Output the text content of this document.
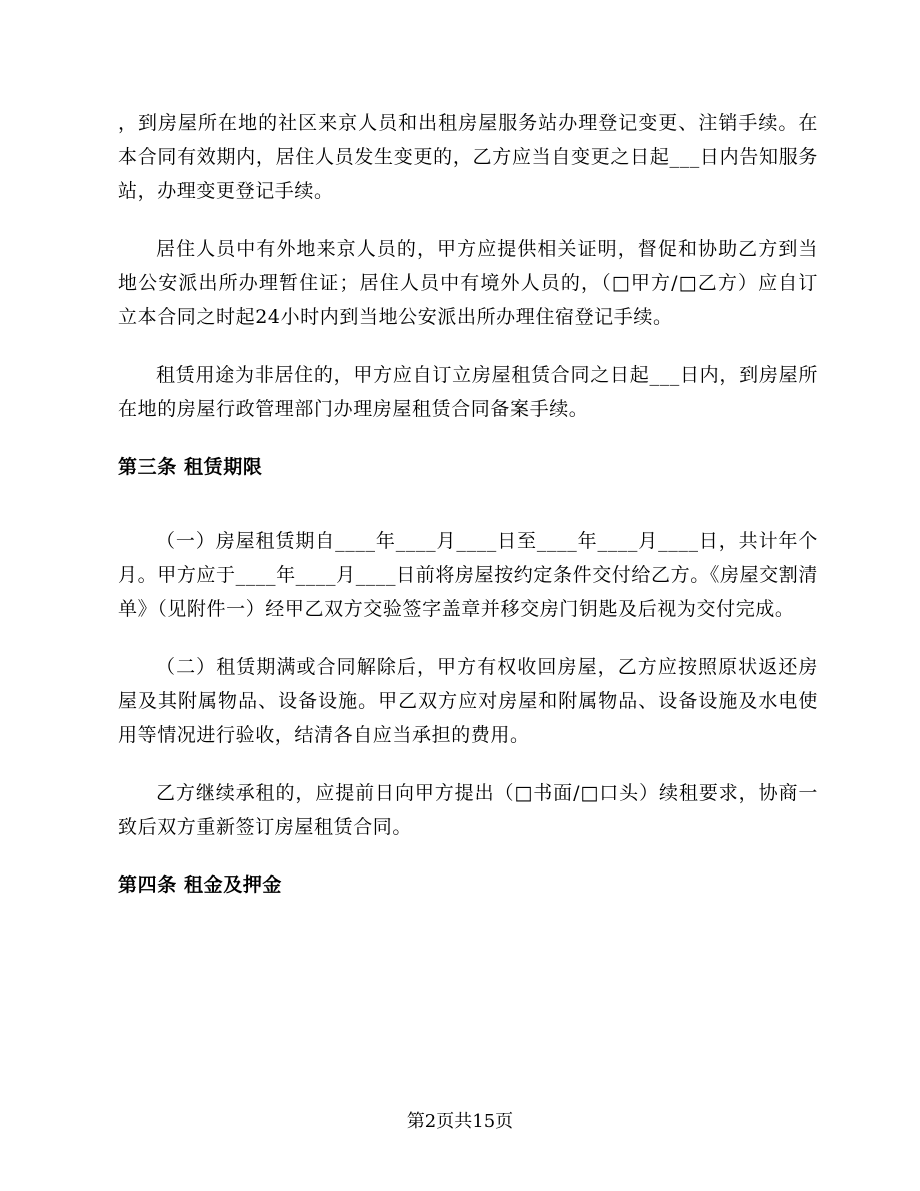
，到房屋所在地的社区来京人员和出租房屋服务站办理登记变更、注销手续。在本合同有效期内，居住人员发生变更的，乙方应当自变更之日起___日内告知服务站，办理变更登记手续。

居住人员中有外地来京人员的，甲方应提供相关证明，督促和协助乙方到当地公安派出所办理暂住证；居住人员中有境外人员的，（□甲方/□乙方）应自订立本合同之时起24小时内到当地公安派出所办理住宿登记手续。

租赁用途为非居住的，甲方应自订立房屋租赁合同之日起___日内，到房屋所在地的房屋行政管理部门办理房屋租赁合同备案手续。

第三条 租赁期限

（一）房屋租赁期自____年____月____日至____年____月____日，共计年个月。甲方应于____年____月____日前将房屋按约定条件交付给乙方。《房屋交割清单》（见附件一）经甲乙双方交验签字盖章并移交房门钥匙及后视为交付完成。

（二）租赁期满或合同解除后，甲方有权收回房屋，乙方应按照原状返还房屋及其附属物品、设备设施。甲乙双方应对房屋和附属物品、设备设施及水电使用等情况进行验收，结清各自应当承担的费用。

乙方继续承租的，应提前日向甲方提出（□书面/□口头）续租要求，协商一致后双方重新签订房屋租赁合同。

第四条 租金及押金
第2页共15页
